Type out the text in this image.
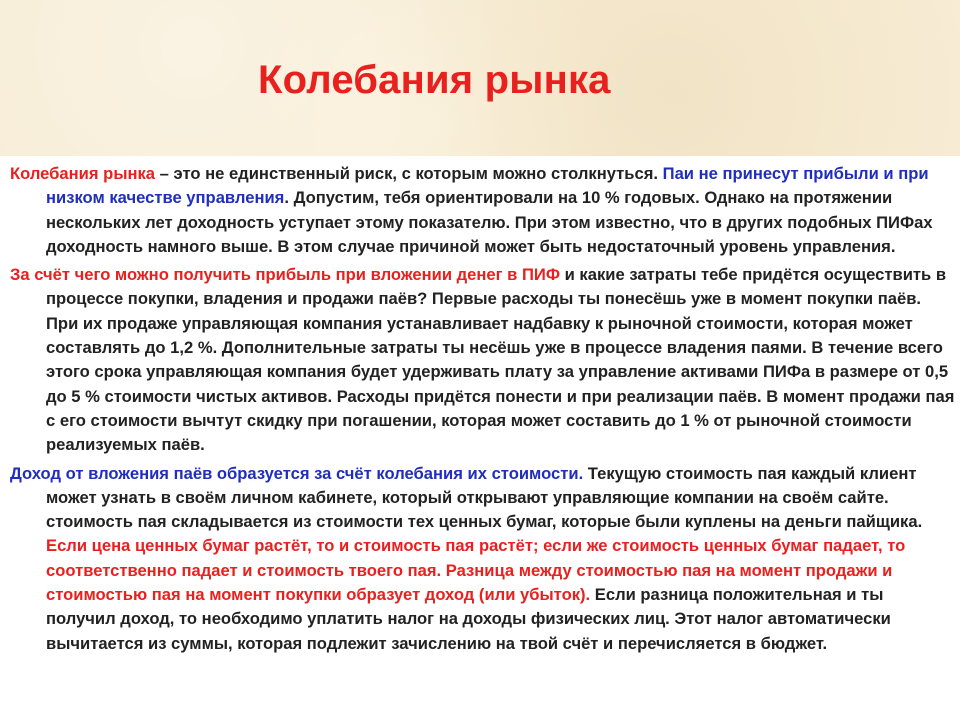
Колебания рынка

Колебания рынка – это не единственный риск, с которым можно столкнуться. Паи не принесут прибыли и при низком качестве управления. Допустим, тебя ориентировали на 10 % годовых. Однако на протяжении нескольких лет доходность уступает этому показателю. При этом известно, что в других подобных ПИФах доходность намного выше. В этом случае причиной может быть недостаточный уровень управления.

За счёт чего можно получить прибыль при вложении денег в ПИФ и какие затраты тебе придётся осуществить в процессе покупки, владения и продажи паёв? Первые расходы ты понесёшь уже в момент покупки паёв. При их продаже управляющая компания устанавливает надбавку к рыночной стоимости, которая может составлять до 1,2 %. Дополнительные затраты ты несёшь уже в процессе владения паями. В течение всего этого срока управляющая компания будет удерживать плату за управление активами ПИФа в размере от 0,5 до 5 % стоимости чистых активов. Расходы придётся понести и при реализации паёв. В момент продажи пая с его стоимости вычтут скидку при погашении, которая может составить до 1 % от рыночной стоимости реализуемых паёв.

Доход от вложения паёв образуется за счёт колебания их стоимости. Текущую стоимость пая каждый клиент может узнать в своём личном кабинете, который открывают управляющие компании на своём сайте. стоимость пая складывается из стоимости тех ценных бумаг, которые были куплены на деньги пайщика. Если цена ценных бумаг растёт, то и стоимость пая растёт; если же стоимость ценных бумаг падает, то соответственно падает и стоимость твоего пая. Разница между стоимостью пая на момент продажи и стоимостью пая на момент покупки образует доход (или убыток). Если разница положительная и ты получил доход, то необходимо уплатить налог на доходы физических лиц. Этот налог автоматически вычитается из суммы, которая подлежит зачислению на твой счёт и перечисляется в бюджет.
